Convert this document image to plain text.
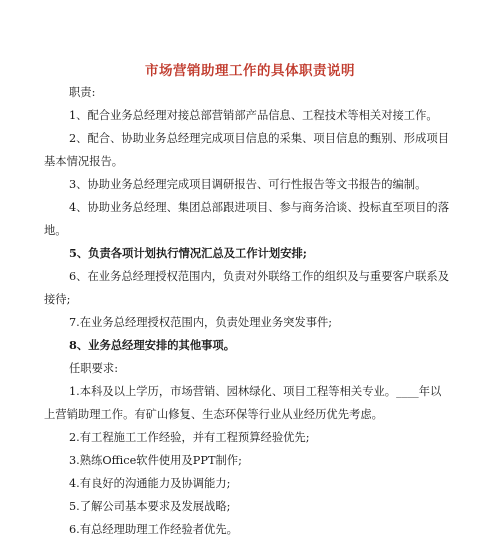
市场营销助理工作的具体职责说明

职责:

1、配合业务总经理对接总部营销部产品信息、工程技术等相关对接工作。

2、配合、协助业务总经理完成项目信息的采集、项目信息的甄别、形成项目

基本情况报告。

3、协助业务总经理完成项目调研报告、可行性报告等文书报告的编制。

4、协助业务总经理、集团总部跟进项目、参与商务洽谈、投标直至项目的落

地。

5、负责各项计划执行情况汇总及工作计划安排;

6、在业务总经理授权范围内，负责对外联络工作的组织及与重要客户联系及

接待;

7.在业务总经理授权范围内，负责处理业务突发事件;

8、业务总经理安排的其他事项。

任职要求:

1.本科及以上学历，市场营销、园林绿化、项目工程等相关专业。____年以

上营销助理工作。有矿山修复、生态环保等行业从业经历优先考虑。

2.有工程施工工作经验，并有工程预算经验优先;

3.熟练Office软件使用及PPT制作;

4.有良好的沟通能力及协调能力;

5.了解公司基本要求及发展战略;

6.有总经理助理工作经验者优先。
